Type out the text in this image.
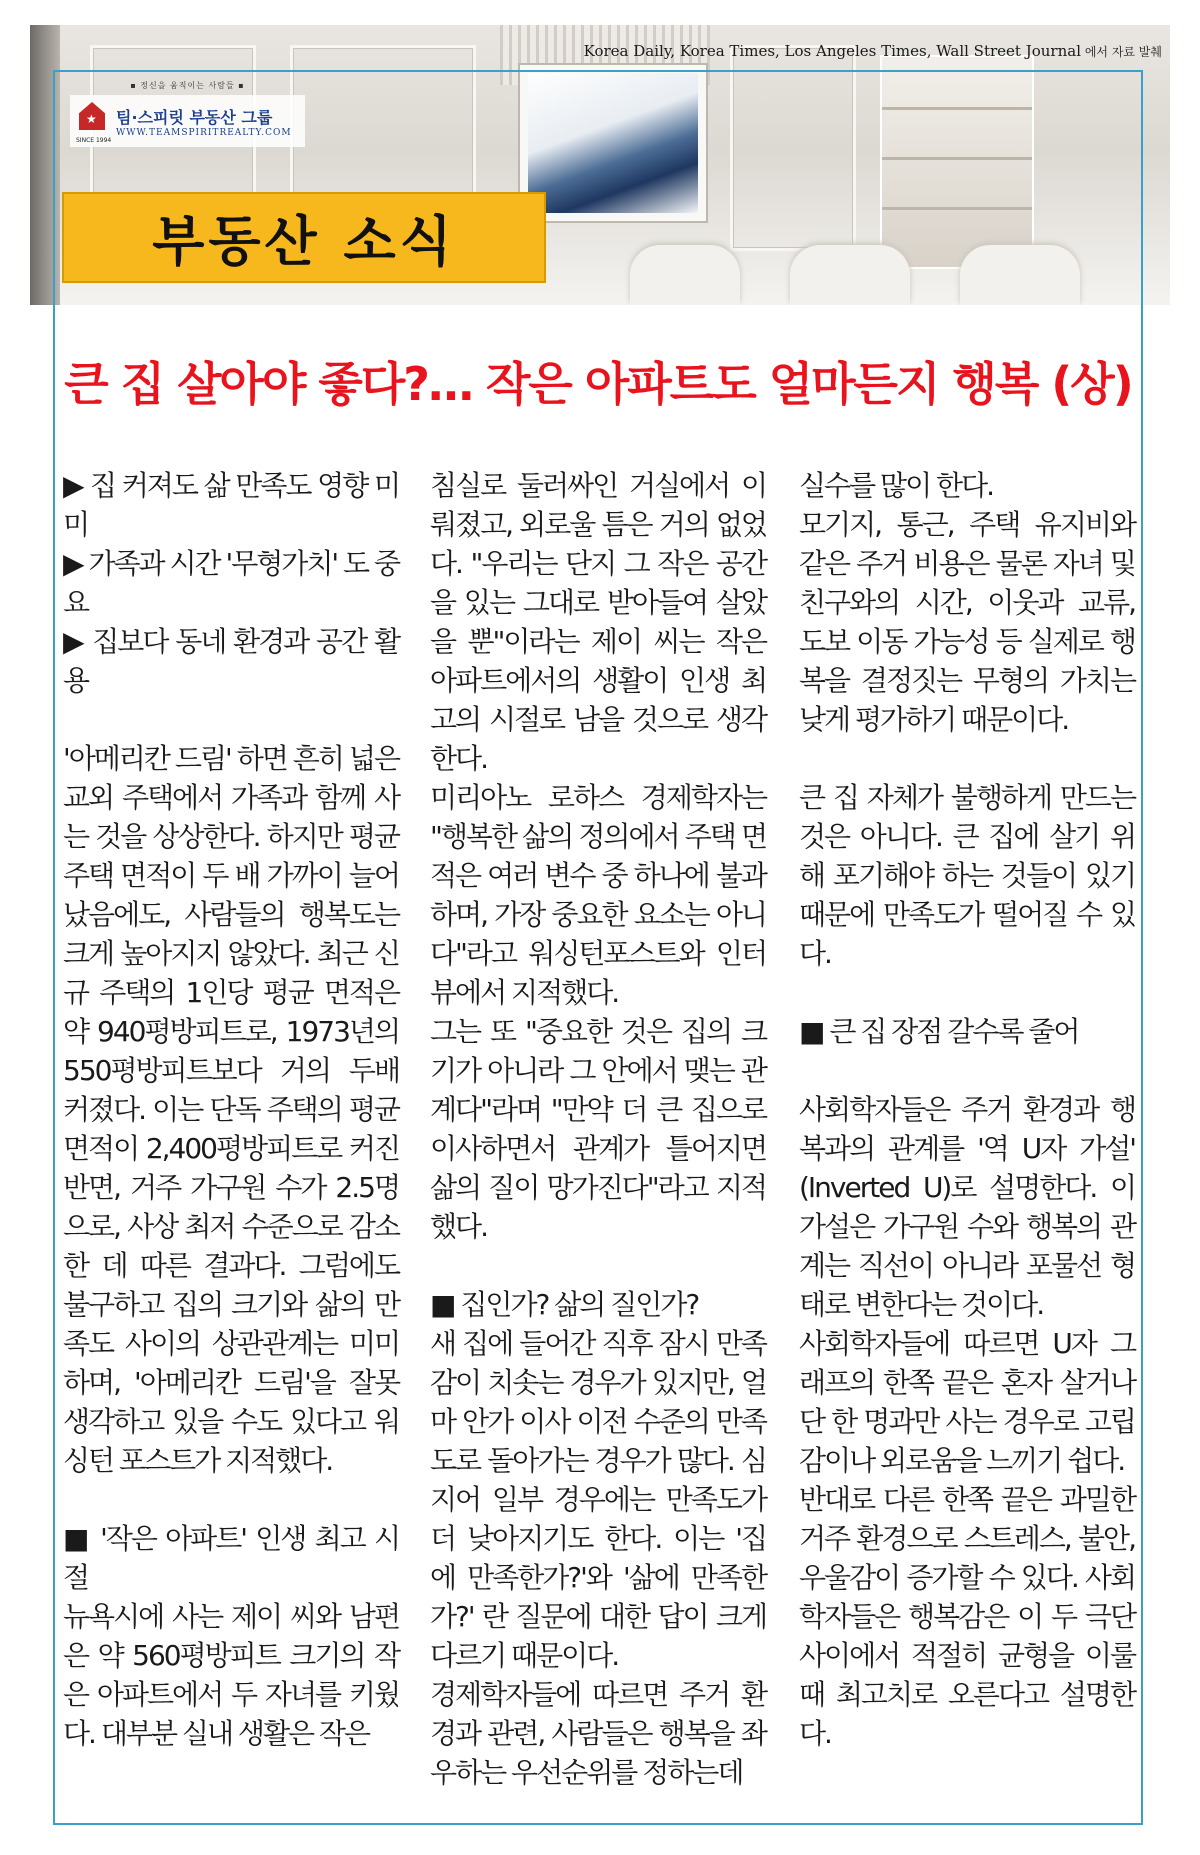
Korea Daily, Korea Times, Los Angeles Times, Wall Street Journal 에서 자료 발췌
▪ 정신을 움직이는 사람들 ▪
★
SINCE 1994
팀·스피릿 부동산 그룹
WWW.TEAMSPIRITREALTY.COM
부동산 소식
큰 집 살아야 좋다?… 작은 아파트도 얼마든지 행복 (상)

▶ 집 커져도 삶 만족도 영향 미미

▶ 가족과 시간 '무형가치' 도 중요

▶ 집보다 동네 환경과 공간 활용

'아메리칸 드림' 하면 흔히 넓은 교외 주택에서 가족과 함께 사는 것을 상상한다. 하지만 평균 주택 면적이 두 배 가까이 늘어났음에도, 사람들의 행복도는 크게 높아지지 않았다. 최근 신규 주택의 1인당 평균 면적은 약 940평방피트로, 1973년의 550평방피트보다 거의 두배 커졌다. 이는 단독 주택의 평균 면적이 2,400평방피트로 커진 반면, 거주 가구원 수가 2.5명으로, 사상 최저 수준으로 감소한 데 따른 결과다. 그럼에도 불구하고 집의 크기와 삶의 만족도 사이의 상관관계는 미미하며, '아메리칸 드림'을 잘못 생각하고 있을 수도 있다고 워싱턴 포스트가 지적했다.

■ '작은 아파트' 인생 최고 시절

뉴욕시에 사는 제이 씨와 남편은 약 560평방피트 크기의 작은 아파트에서 두 자녀를 키웠다. 대부분 실내 생활은 작은

침실로 둘러싸인 거실에서 이뤄졌고, 외로울 틈은 거의 없었다. "우리는 단지 그 작은 공간을 있는 그대로 받아들여 살았을 뿐"이라는 제이 씨는 작은 아파트에서의 생활이 인생 최고의 시절로 남을 것으로 생각한다.

미리아노 로하스 경제학자는 "행복한 삶의 정의에서 주택 면적은 여러 변수 중 하나에 불과하며, 가장 중요한 요소는 아니다"라고 워싱턴포스트와 인터뷰에서 지적했다.

그는 또 "중요한 것은 집의 크기가 아니라 그 안에서 맺는 관계다"라며 "만약 더 큰 집으로 이사하면서 관계가 틀어지면 삶의 질이 망가진다"라고 지적했다.

■ 집인가? 삶의 질인가?

새 집에 들어간 직후 잠시 만족감이 치솟는 경우가 있지만, 얼마 안가 이사 이전 수준의 만족도로 돌아가는 경우가 많다. 심지어 일부 경우에는 만족도가 더 낮아지기도 한다. 이는 '집에 만족한가?'와 '삶에 만족한가?' 란 질문에 대한 답이 크게 다르기 때문이다.

경제학자들에 따르면 주거 환경과 관련, 사람들은 행복을 좌우하는 우선순위를 정하는데

실수를 많이 한다.

모기지, 통근, 주택 유지비와 같은 주거 비용은 물론 자녀 및 친구와의 시간, 이웃과 교류, 도보 이동 가능성 등 실제로 행복을 결정짓는 무형의 가치는 낮게 평가하기 때문이다.

큰 집 자체가 불행하게 만드는 것은 아니다. 큰 집에 살기 위해 포기해야 하는 것들이 있기 때문에 만족도가 떨어질 수 있다.

■ 큰 집 장점 갈수록 줄어

사회학자들은 주거 환경과 행복과의 관계를 '역 U자 가설' (Inverted U)로 설명한다. 이 가설은 가구원 수와 행복의 관계는 직선이 아니라 포물선 형태로 변한다는 것이다.

사회학자들에 따르면 U자 그래프의 한쪽 끝은 혼자 살거나 단 한 명과만 사는 경우로 고립감이나 외로움을 느끼기 쉽다.

반대로 다른 한쪽 끝은 과밀한 거주 환경으로 스트레스, 불안, 우울감이 증가할 수 있다. 사회학자들은 행복감은 이 두 극단 사이에서 적절히 균형을 이룰 때 최고치로 오른다고 설명한다.
